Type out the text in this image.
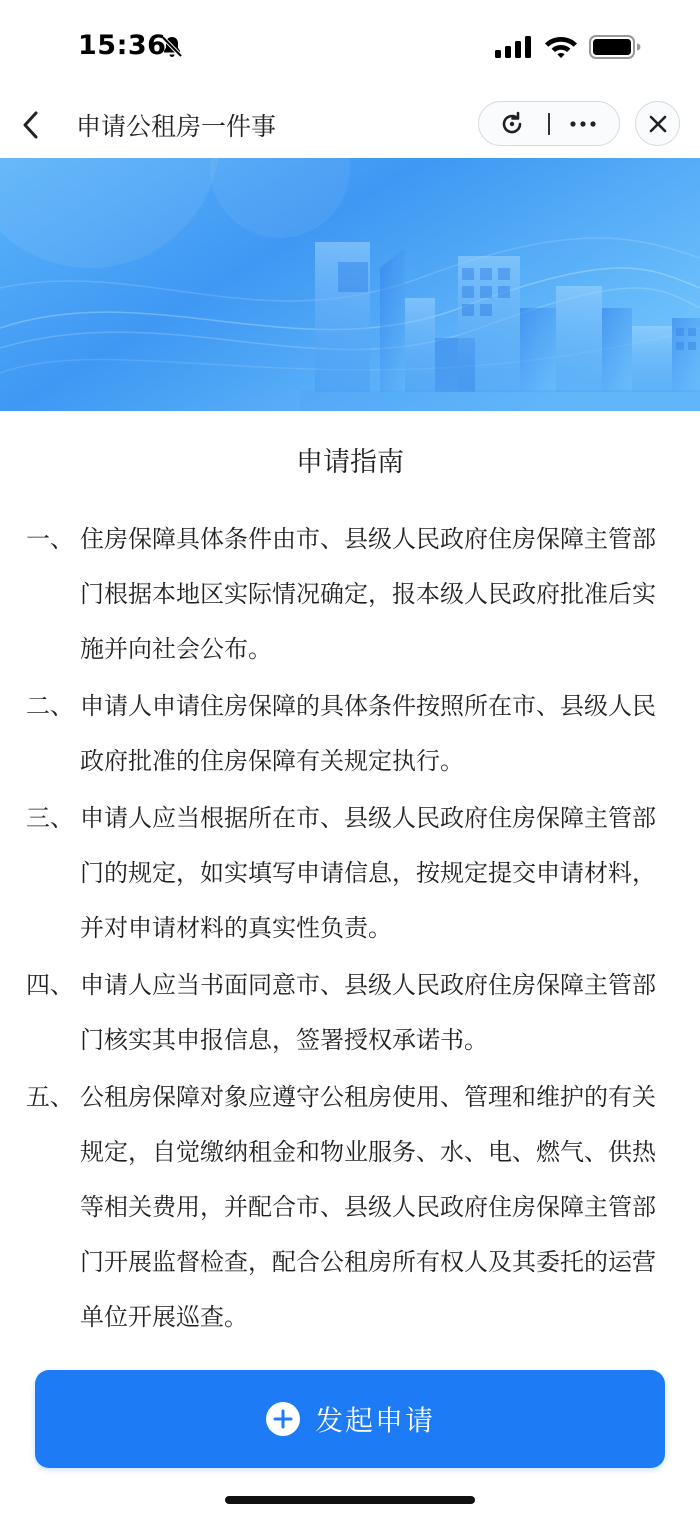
15:36
申请公租房一件事
申请指南
一、 住房保障具体条件由市、县级人民政府住房保障主管部门根据本地区实际情况确定，报本级人民政府批准后实施并向社会公布。
二、 申请人申请住房保障的具体条件按照所在市、县级人民政府批准的住房保障有关规定执行。
三、 申请人应当根据所在市、县级人民政府住房保障主管部门的规定，如实填写申请信息，按规定提交申请材料，并对申请材料的真实性负责。
四、 申请人应当书面同意市、县级人民政府住房保障主管部门核实其申报信息，签署授权承诺书。
五、 公租房保障对象应遵守公租房使用、管理和维护的有关规定，自觉缴纳租金和物业服务、水、电、燃气、供热等相关费用，并配合市、县级人民政府住房保障主管部门开展监督检查，配合公租房所有权人及其委托的运营单位开展巡查。
发起申请
